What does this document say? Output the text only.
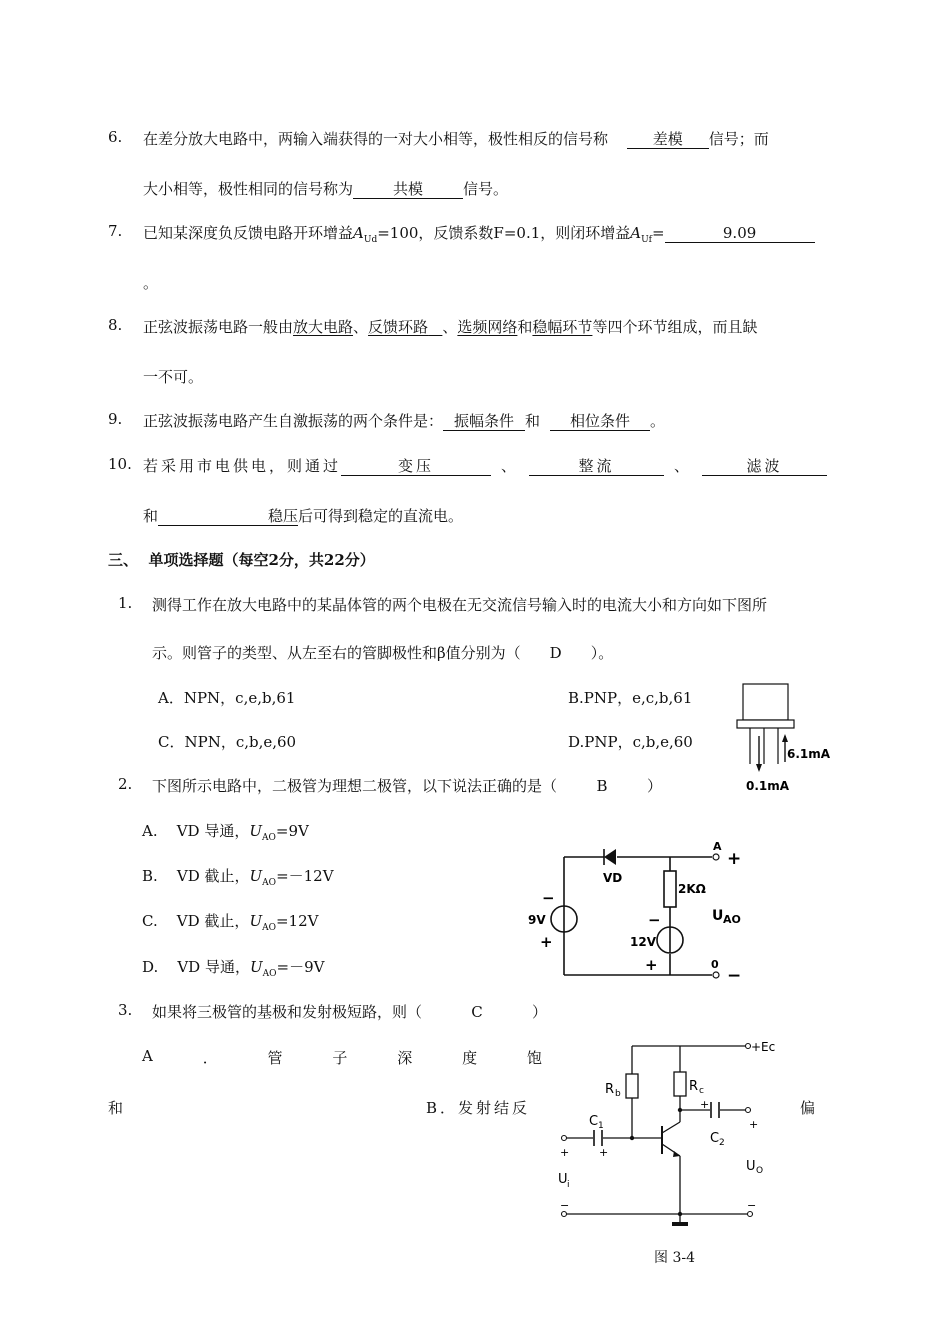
6. 在差分放大电路中，两输入端获得的一对大小相等，极性相反的信号称	差模 信号；而
大小相等，极性相同的信号称为	共模	信号。
7. 已知某深度负反馈电路开环增益$A_{Ud}=100$，反馈系数F=0.1，则闭环增益$A_{Uf}=$	9.09
。
8. 正弦波振荡电路一般由放大电路、反馈环路 、选频网络和稳幅环节等四个环节组成，而且缺
一不可。
9. 正弦波振荡电路产生自激振荡的两个条件是： 振幅条件 和 相位条件 。
10. 若采用市电供电，则通过	变压	、	整流	、	滤波
和	稳压后可得到稳定的直流电。
三、 单项选择题（每空2分，共22分）
1. 测得工作在放大电路中的某晶体管的两个电极在无交流信号输入时的电流大小和方向如下图所
示。则管子的类型、从左至右的管脚极性和β值分别为（ D ）。
A．NPN，c,e,b,61	B.PNP，e,c,b,61
C．NPN，c,b,e,60	D.PNP，c,b,e,60
6.1mA
0.1mA
2. 下图所示电路中，二极管为理想二极管，以下说法正确的是（	B	）
A. VD 导通，$U_{AO}=9V$
B. VD 截止，$U_{AO}=-12V$
C. VD 截止，$U_{AO}=12V$
D. VD 导通，$U_{AO}=-9V$
VD
2KΩ
9V
12V
−
+
−
+
A
+
0
−
U AO
3. 如果将三极管的基极和发射极短路，则（	C	）
A	．	管	子	深	度	饱
和	B．发射结反	偏
+Ec
R b	R c
C 1
C 2
+	+
+
+
U i
U O
−	−
图 3-4
